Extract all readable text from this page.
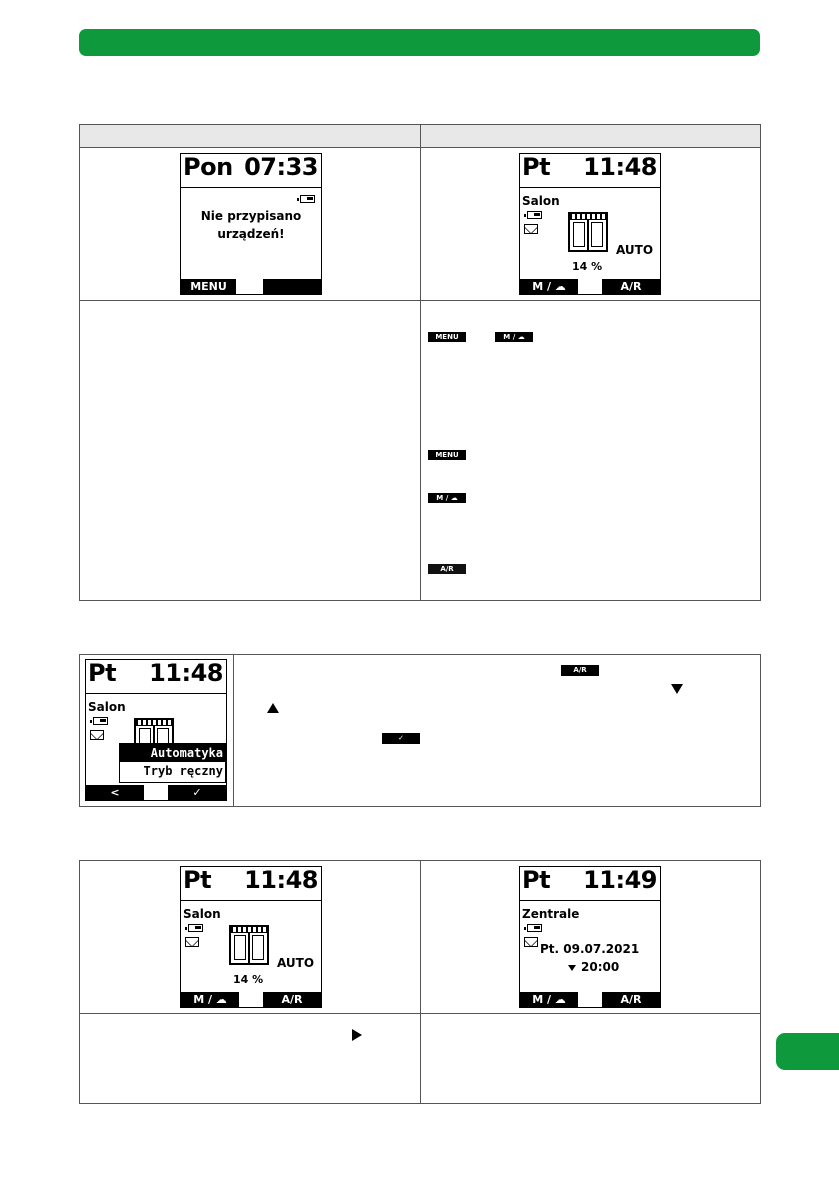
Pon 07:33
Nie przypisano
urządzeń!
MENU
Pt 11:48
Salon
AUTO
14 %
M / ☁	A/R
MENU	M / ☁
MENU
M / ☁
A/R
Pt 11:48
Salon
Automatyka
Tryb ręczny
<	✓
A/R
✓
Pt 11:48
Salon
AUTO
14 %
M / ☁	A/R
Pt 11:49
Zentrale
Pt. 09.07.2021
20:00
M / ☁	A/R
